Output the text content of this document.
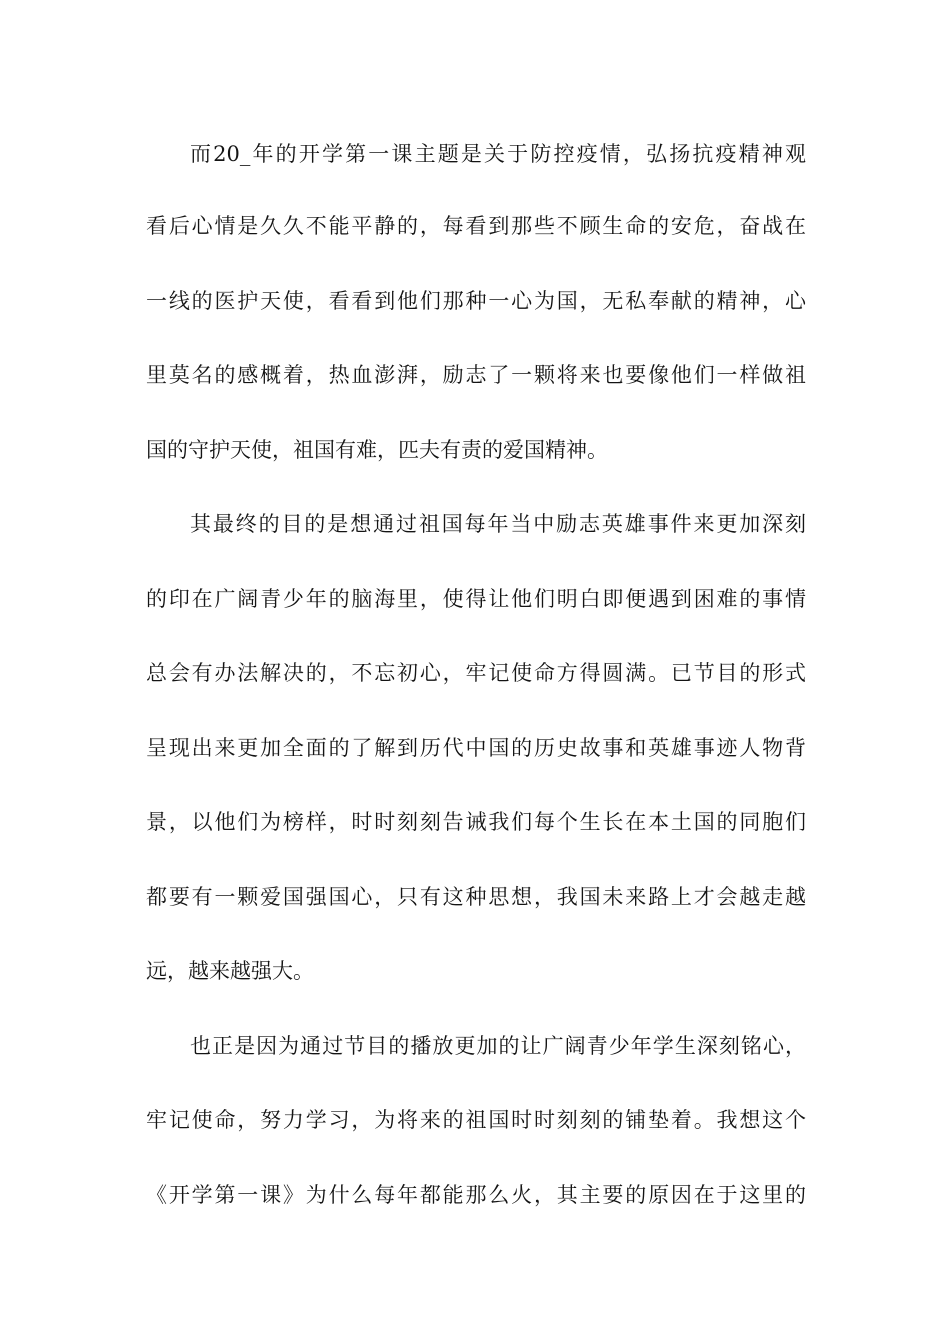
而20_年的开学第一课主题是关于防控疫情，弘扬抗疫精神观
看后心情是久久不能平静的，每看到那些不顾生命的安危，奋战在
一线的医护天使，看看到他们那种一心为国，无私奉献的精神，心
里莫名的感概着，热血澎湃，励志了一颗将来也要像他们一样做祖
国的守护天使，祖国有难，匹夫有责的爱国精神。
其最终的目的是想通过祖国每年当中励志英雄事件来更加深刻
的印在广阔青少年的脑海里，使得让他们明白即便遇到困难的事情
总会有办法解决的，不忘初心，牢记使命方得圆满。已节目的形式
呈现出来更加全面的了解到历代中国的历史故事和英雄事迹人物背
景，以他们为榜样，时时刻刻告诫我们每个生长在本土国的同胞们
都要有一颗爱国强国心，只有这种思想，我国未来路上才会越走越
远，越来越强大。
也正是因为通过节目的播放更加的让广阔青少年学生深刻铭心，
牢记使命，努力学习，为将来的祖国时时刻刻的铺垫着。我想这个
《开学第一课》为什么每年都能那么火，其主要的原因在于这里的
